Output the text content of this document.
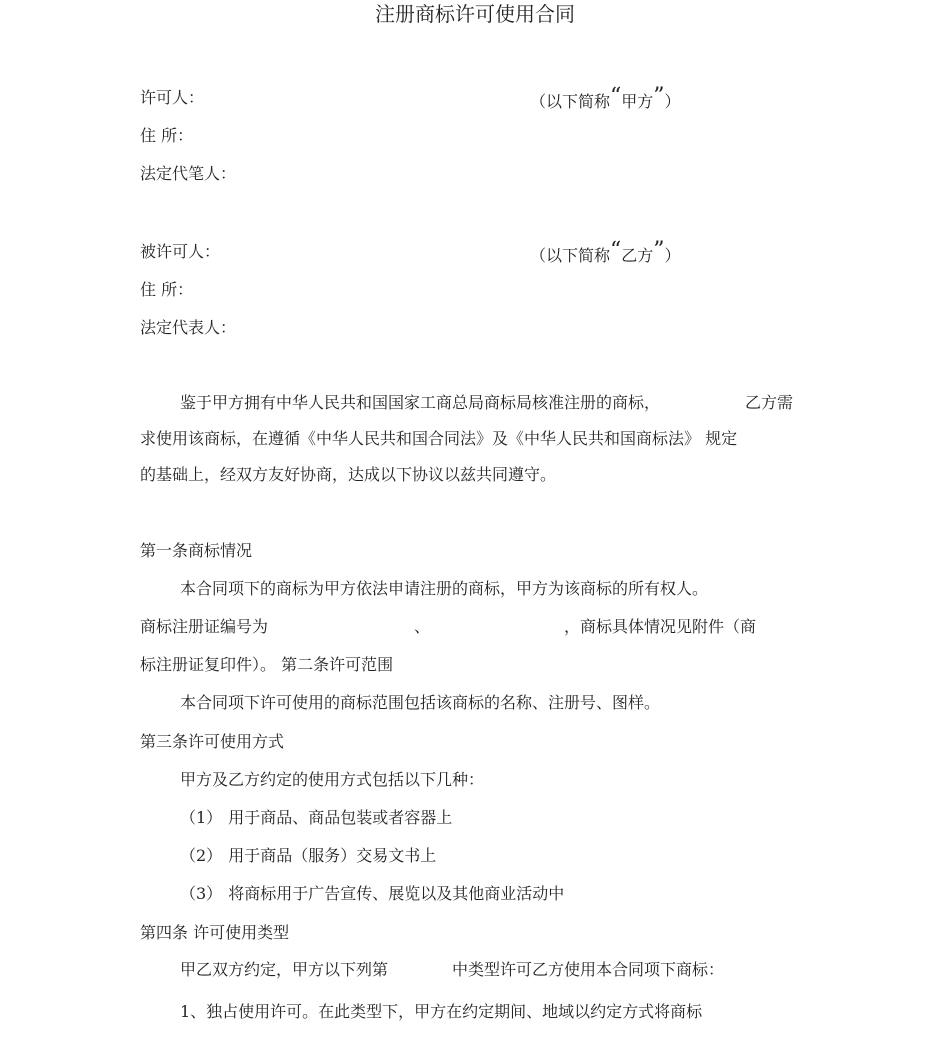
注册商标许可使用合同
许可人：	（以下简称“甲方”）
住 所：
法定代笔人：
被许可人：	（以下简称“乙方”）
住 所：
法定代表人：
鉴于甲方拥有中华人民共和国国家工商总局商标局核准注册的商标，	乙方需
求使用该商标，在遵循《中华人民共和国合同法》及《中华人民共和国商标法》 规定
的基础上，经双方友好协商，达成以下协议以兹共同遵守。
第一条商标情况
本合同项下的商标为甲方依法申请注册的商标，甲方为该商标的所有权人。
商标注册证编号为	、	，商标具体情况见附件（商
标注册证复印件）。 第二条许可范围
本合同项下许可使用的商标范围包括该商标的名称、注册号、图样。
第三条许可使用方式
甲方及乙方约定的使用方式包括以下几种：
（1） 用于商品、商品包装或者容器上
（2） 用于商品（服务）交易文书上
（3） 将商标用于广告宣传、展览以及其他商业活动中
第四条 许可使用类型
甲乙双方约定，甲方以下列第	中类型许可乙方使用本合同项下商标：
1、独占使用许可。在此类型下，甲方在约定期间、地域以约定方式将商标
